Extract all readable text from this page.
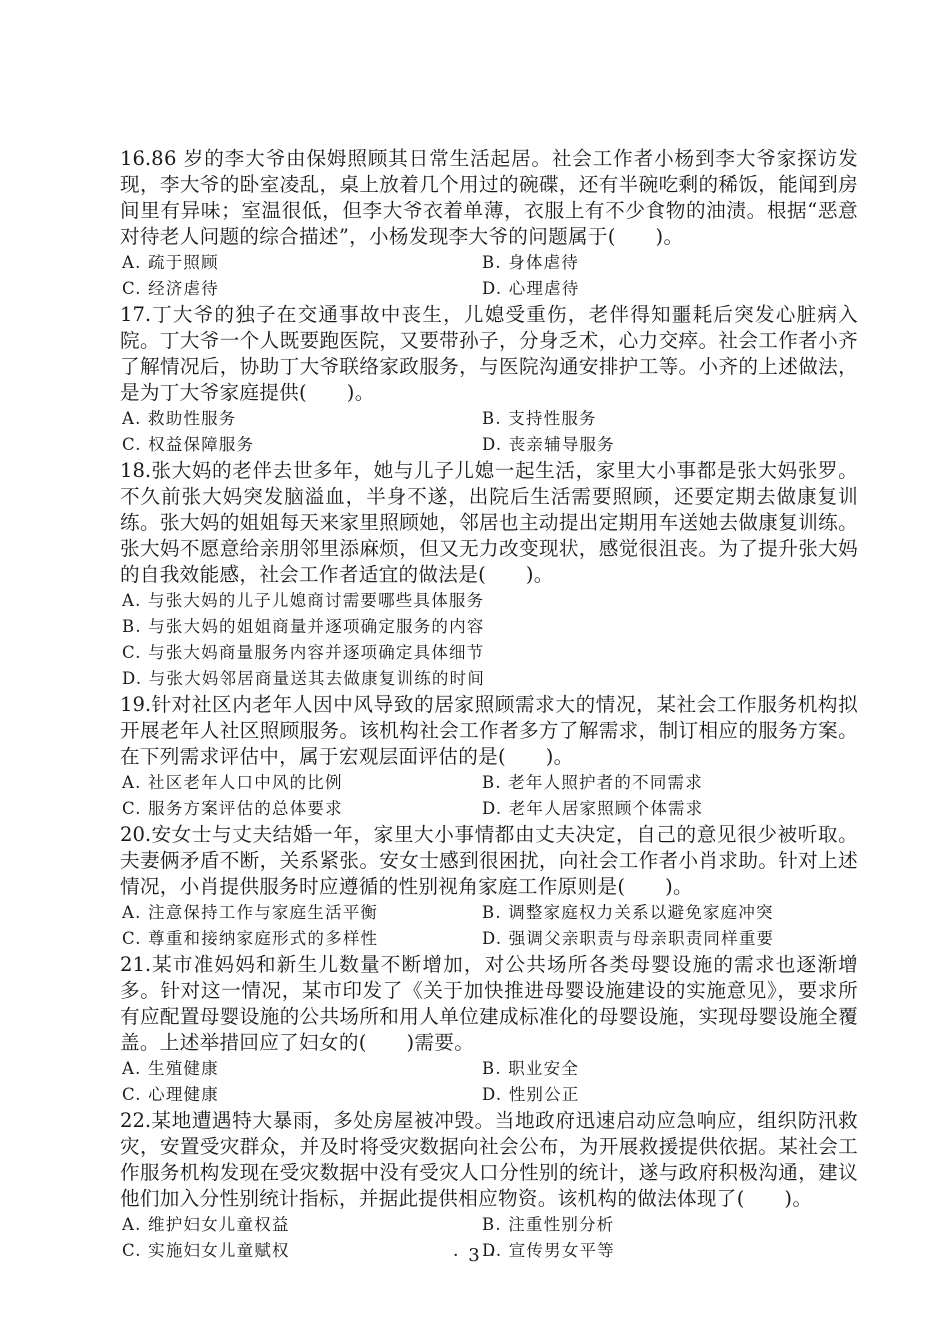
16.86 岁的李大爷由保姆照顾其日常生活起居。社会工作者小杨到李大爷家探访发现，李大爷的卧室凌乱，桌上放着几个用过的碗碟，还有半碗吃剩的稀饭，能闻到房间里有异味；室温很低，但李大爷衣着单薄，衣服上有不少食物的油渍。根据“恶意对待老人问题的综合描述”，小杨发现李大爷的问题属于(　　)。
A. 疏于照顾	B. 身体虐待
C. 经济虐待	D. 心理虐待
17.丁大爷的独子在交通事故中丧生，儿媳受重伤，老伴得知噩耗后突发心脏病入院。丁大爷一个人既要跑医院，又要带孙子，分身乏术，心力交瘁。社会工作者小齐了解情况后，协助丁大爷联络家政服务，与医院沟通安排护工等。小齐的上述做法，是为丁大爷家庭提供(　　)。
A. 救助性服务	B. 支持性服务
C. 权益保障服务	D. 丧亲辅导服务
18.张大妈的老伴去世多年，她与儿子儿媳一起生活，家里大小事都是张大妈张罗。不久前张大妈突发脑溢血，半身不遂，出院后生活需要照顾，还要定期去做康复训练。张大妈的姐姐每天来家里照顾她，邻居也主动提出定期用车送她去做康复训练。张大妈不愿意给亲朋邻里添麻烦，但又无力改变现状，感觉很沮丧。为了提升张大妈的自我效能感，社会工作者适宜的做法是(　　)。
A. 与张大妈的儿子儿媳商讨需要哪些具体服务
B. 与张大妈的姐姐商量并逐项确定服务的内容
C. 与张大妈商量服务内容并逐项确定具体细节
D. 与张大妈邻居商量送其去做康复训练的时间
19.针对社区内老年人因中风导致的居家照顾需求大的情况，某社会工作服务机构拟开展老年人社区照顾服务。该机构社会工作者多方了解需求，制订相应的服务方案。在下列需求评估中，属于宏观层面评估的是(　　)。
A. 社区老年人口中风的比例	B. 老年人照护者的不同需求
C. 服务方案评估的总体要求	D. 老年人居家照顾个体需求
20.安女士与丈夫结婚一年，家里大小事情都由丈夫决定，自己的意见很少被听取。夫妻俩矛盾不断，关系紧张。安女士感到很困扰，向社会工作者小肖求助。针对上述情况，小肖提供服务时应遵循的性别视角家庭工作原则是(　　)。
A. 注意保持工作与家庭生活平衡	B. 调整家庭权力关系以避免家庭冲突
C. 尊重和接纳家庭形式的多样性	D. 强调父亲职责与母亲职责同样重要
21.某市准妈妈和新生儿数量不断增加，对公共场所各类母婴设施的需求也逐渐增多。针对这一情况，某市印发了《关于加快推进母婴设施建设的实施意见》，要求所有应配置母婴设施的公共场所和用人单位建成标准化的母婴设施，实现母婴设施全覆盖。上述举措回应了妇女的(　　)需要。
A. 生殖健康	B. 职业安全
C. 心理健康	D. 性别公正
22.某地遭遇特大暴雨，多处房屋被冲毁。当地政府迅速启动应急响应，组织防汛救灾，安置受灾群众，并及时将受灾数据向社会公布，为开展救援提供依据。某社会工作服务机构发现在受灾数据中没有受灾人口分性别的统计，遂与政府积极沟通，建议他们加入分性别统计指标，并据此提供相应物资。该机构的做法体现了(　　)。
A. 维护妇女儿童权益	B. 注重性别分析
C. 实施妇女儿童赋权	D. 宣传男女平等
· 3 ·
